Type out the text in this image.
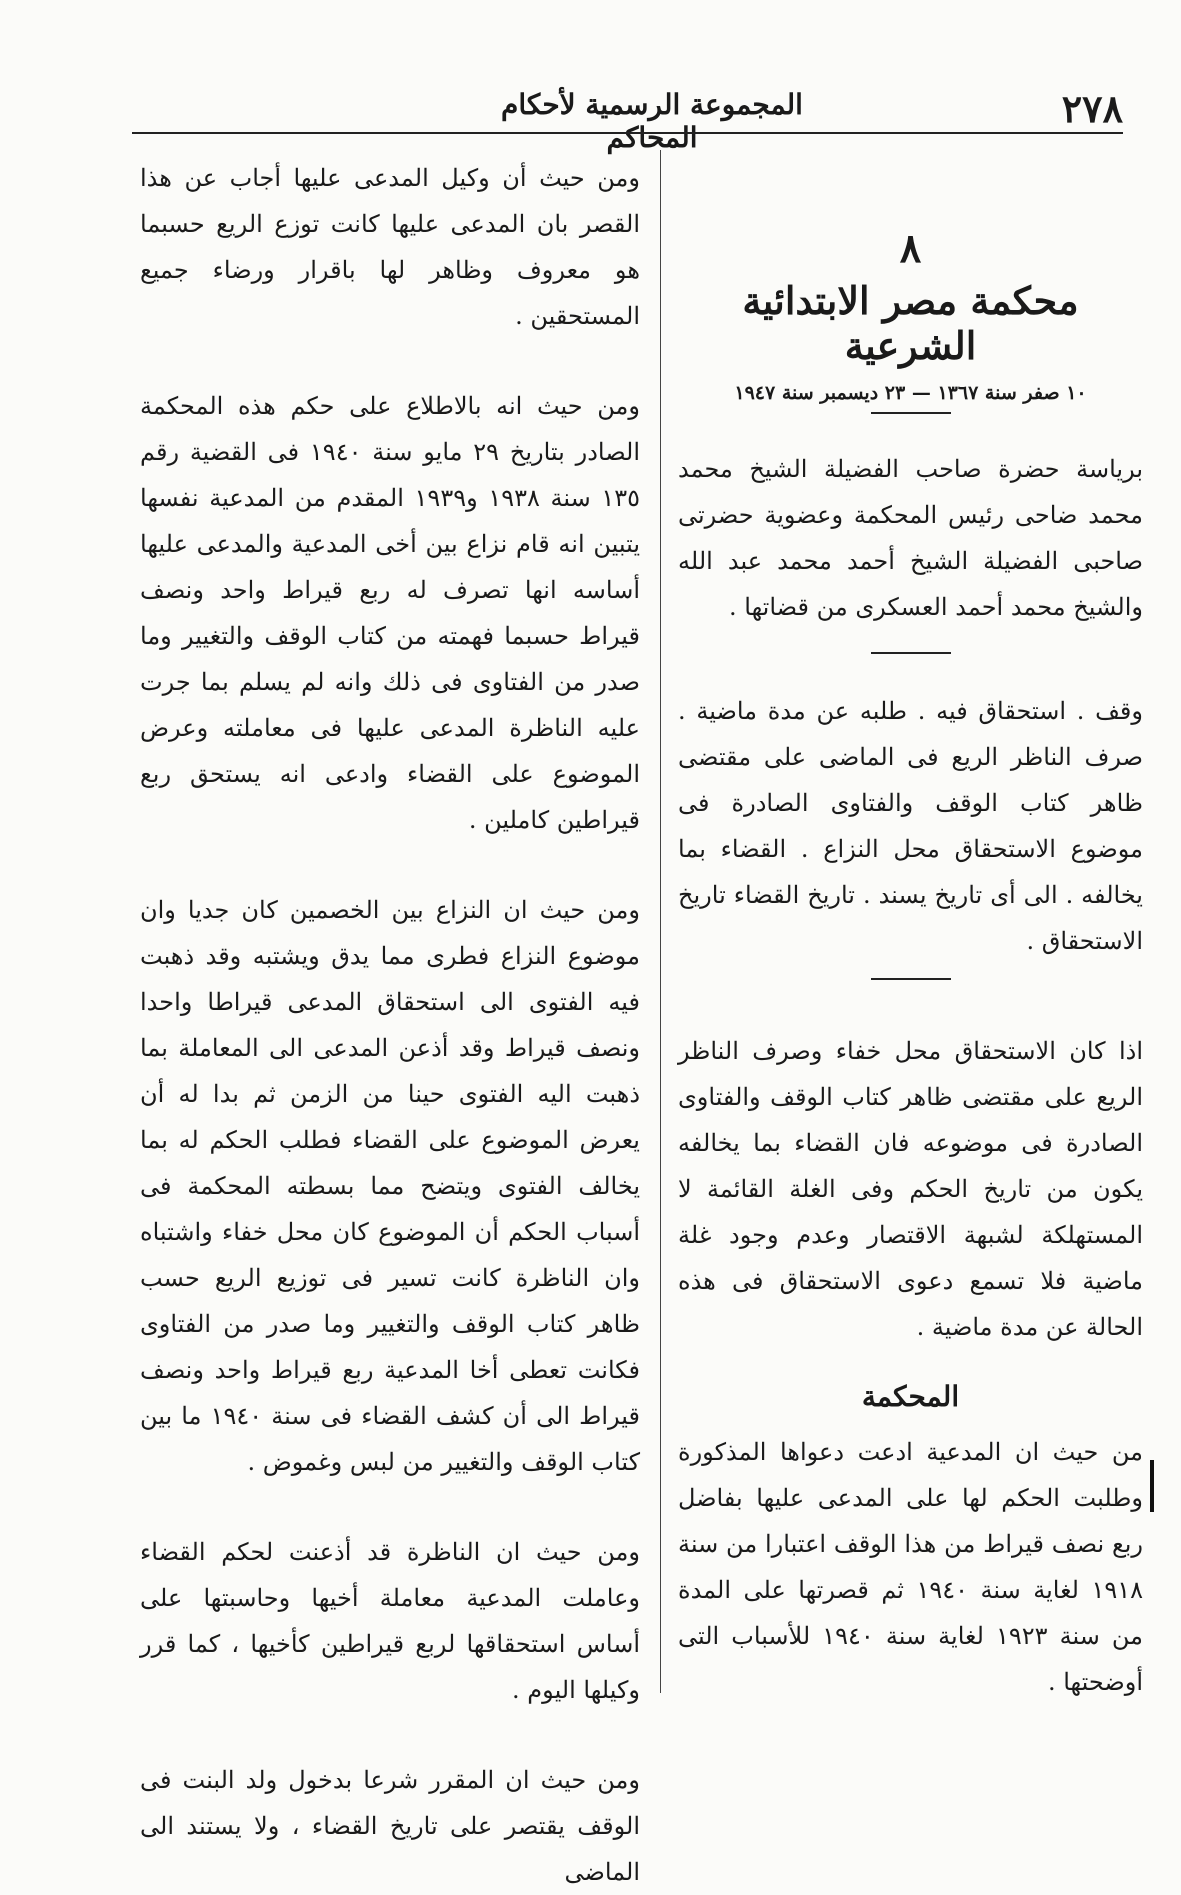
٢٧٨
المجموعة الرسمية لأحكام المحاكم
٨
محكمة مصر الابتدائية الشرعية
١٠ صفر سنة ١٣٦٧ — ٢٣ ديسمبر سنة ١٩٤٧

برياسة حضرة صاحب الفضيلة الشيخ محمد محمد ضاحى رئيس المحكمة وعضوية حضرتى صاحبى الفضيلة الشيخ أحمد محمد عبد الله والشيخ محمد أحمد العسكرى من قضاتها .

وقف . استحقاق فيه . طلبه عن مدة ماضية . صرف الناظر الريع فى الماضى على مقتضى ظاهر كتاب الوقف والفتاوى الصادرة فى موضوع الاستحقاق محل النزاع . القضاء بما يخالفه . الى أى تاريخ يسند . تاريخ القضاء تاريخ الاستحقاق .

اذا كان الاستحقاق محل خفاء وصرف الناظر الريع على مقتضى ظاهر كتاب الوقف والفتاوى الصادرة فى موضوعه فان القضاء بما يخالفه يكون من تاريخ الحكم وفى الغلة القائمة لا المستهلكة لشبهة الاقتصار وعدم وجود غلة ماضية فلا تسمع دعوى الاستحقاق فى هذه الحالة عن مدة ماضية .

المحكمة

من حيث ان المدعية ادعت دعواها المذكورة وطلبت الحكم لها على المدعى عليها بفاضل ربع نصف قيراط من هذا الوقف اعتبارا من سنة ١٩١٨ لغاية سنة ١٩٤٠ ثم قصرتها على المدة من سنة ١٩٢٣ لغاية سنة ١٩٤٠ للأسباب التى أوضحتها .

ومن حيث أن وكيل المدعى عليها أجاب عن هذا القصر بان المدعى عليها كانت توزع الريع حسبما هو معروف وظاهر لها باقرار ورضاء جميع المستحقين .

ومن حيث انه بالاطلاع على حكم هذه المحكمة الصادر بتاريخ ٢٩ مايو سنة ١٩٤٠ فى القضية رقم ١٣٥ سنة ١٩٣٨ و١٩٣٩ المقدم من المدعية نفسها يتبين انه قام نزاع بين أخى المدعية والمدعى عليها أساسه انها تصرف له ربع قيراط واحد ونصف قيراط حسبما فهمته من كتاب الوقف والتغيير وما صدر من الفتاوى فى ذلك وانه لم يسلم بما جرت عليه الناظرة المدعى عليها فى معاملته وعرض الموضوع على القضاء وادعى انه يستحق ربع قيراطين كاملين .

ومن حيث ان النزاع بين الخصمين كان جديا وان موضوع النزاع فطرى مما يدق ويشتبه وقد ذهبت فيه الفتوى الى استحقاق المدعى قيراطا واحدا ونصف قيراط وقد أذعن المدعى الى المعاملة بما ذهبت اليه الفتوى حينا من الزمن ثم بدا له أن يعرض الموضوع على القضاء فطلب الحكم له بما يخالف الفتوى ويتضح مما بسطته المحكمة فى أسباب الحكم أن الموضوع كان محل خفاء واشتباه وان الناظرة كانت تسير فى توزيع الريع حسب ظاهر كتاب الوقف والتغيير وما صدر من الفتاوى فكانت تعطى أخا المدعية ربع قيراط واحد ونصف قيراط الى أن كشف القضاء فى سنة ١٩٤٠ ما بين كتاب الوقف والتغيير من لبس وغموض .

ومن حيث ان الناظرة قد أذعنت لحكم القضاء وعاملت المدعية معاملة أخيها وحاسبتها على أساس استحقاقها لربع قيراطين كأخيها ، كما قرر وكيلها اليوم .

ومن حيث ان المقرر شرعا بدخول ولد البنت فى الوقف يقتصر على تاريخ القضاء ، ولا يستند الى الماضى
